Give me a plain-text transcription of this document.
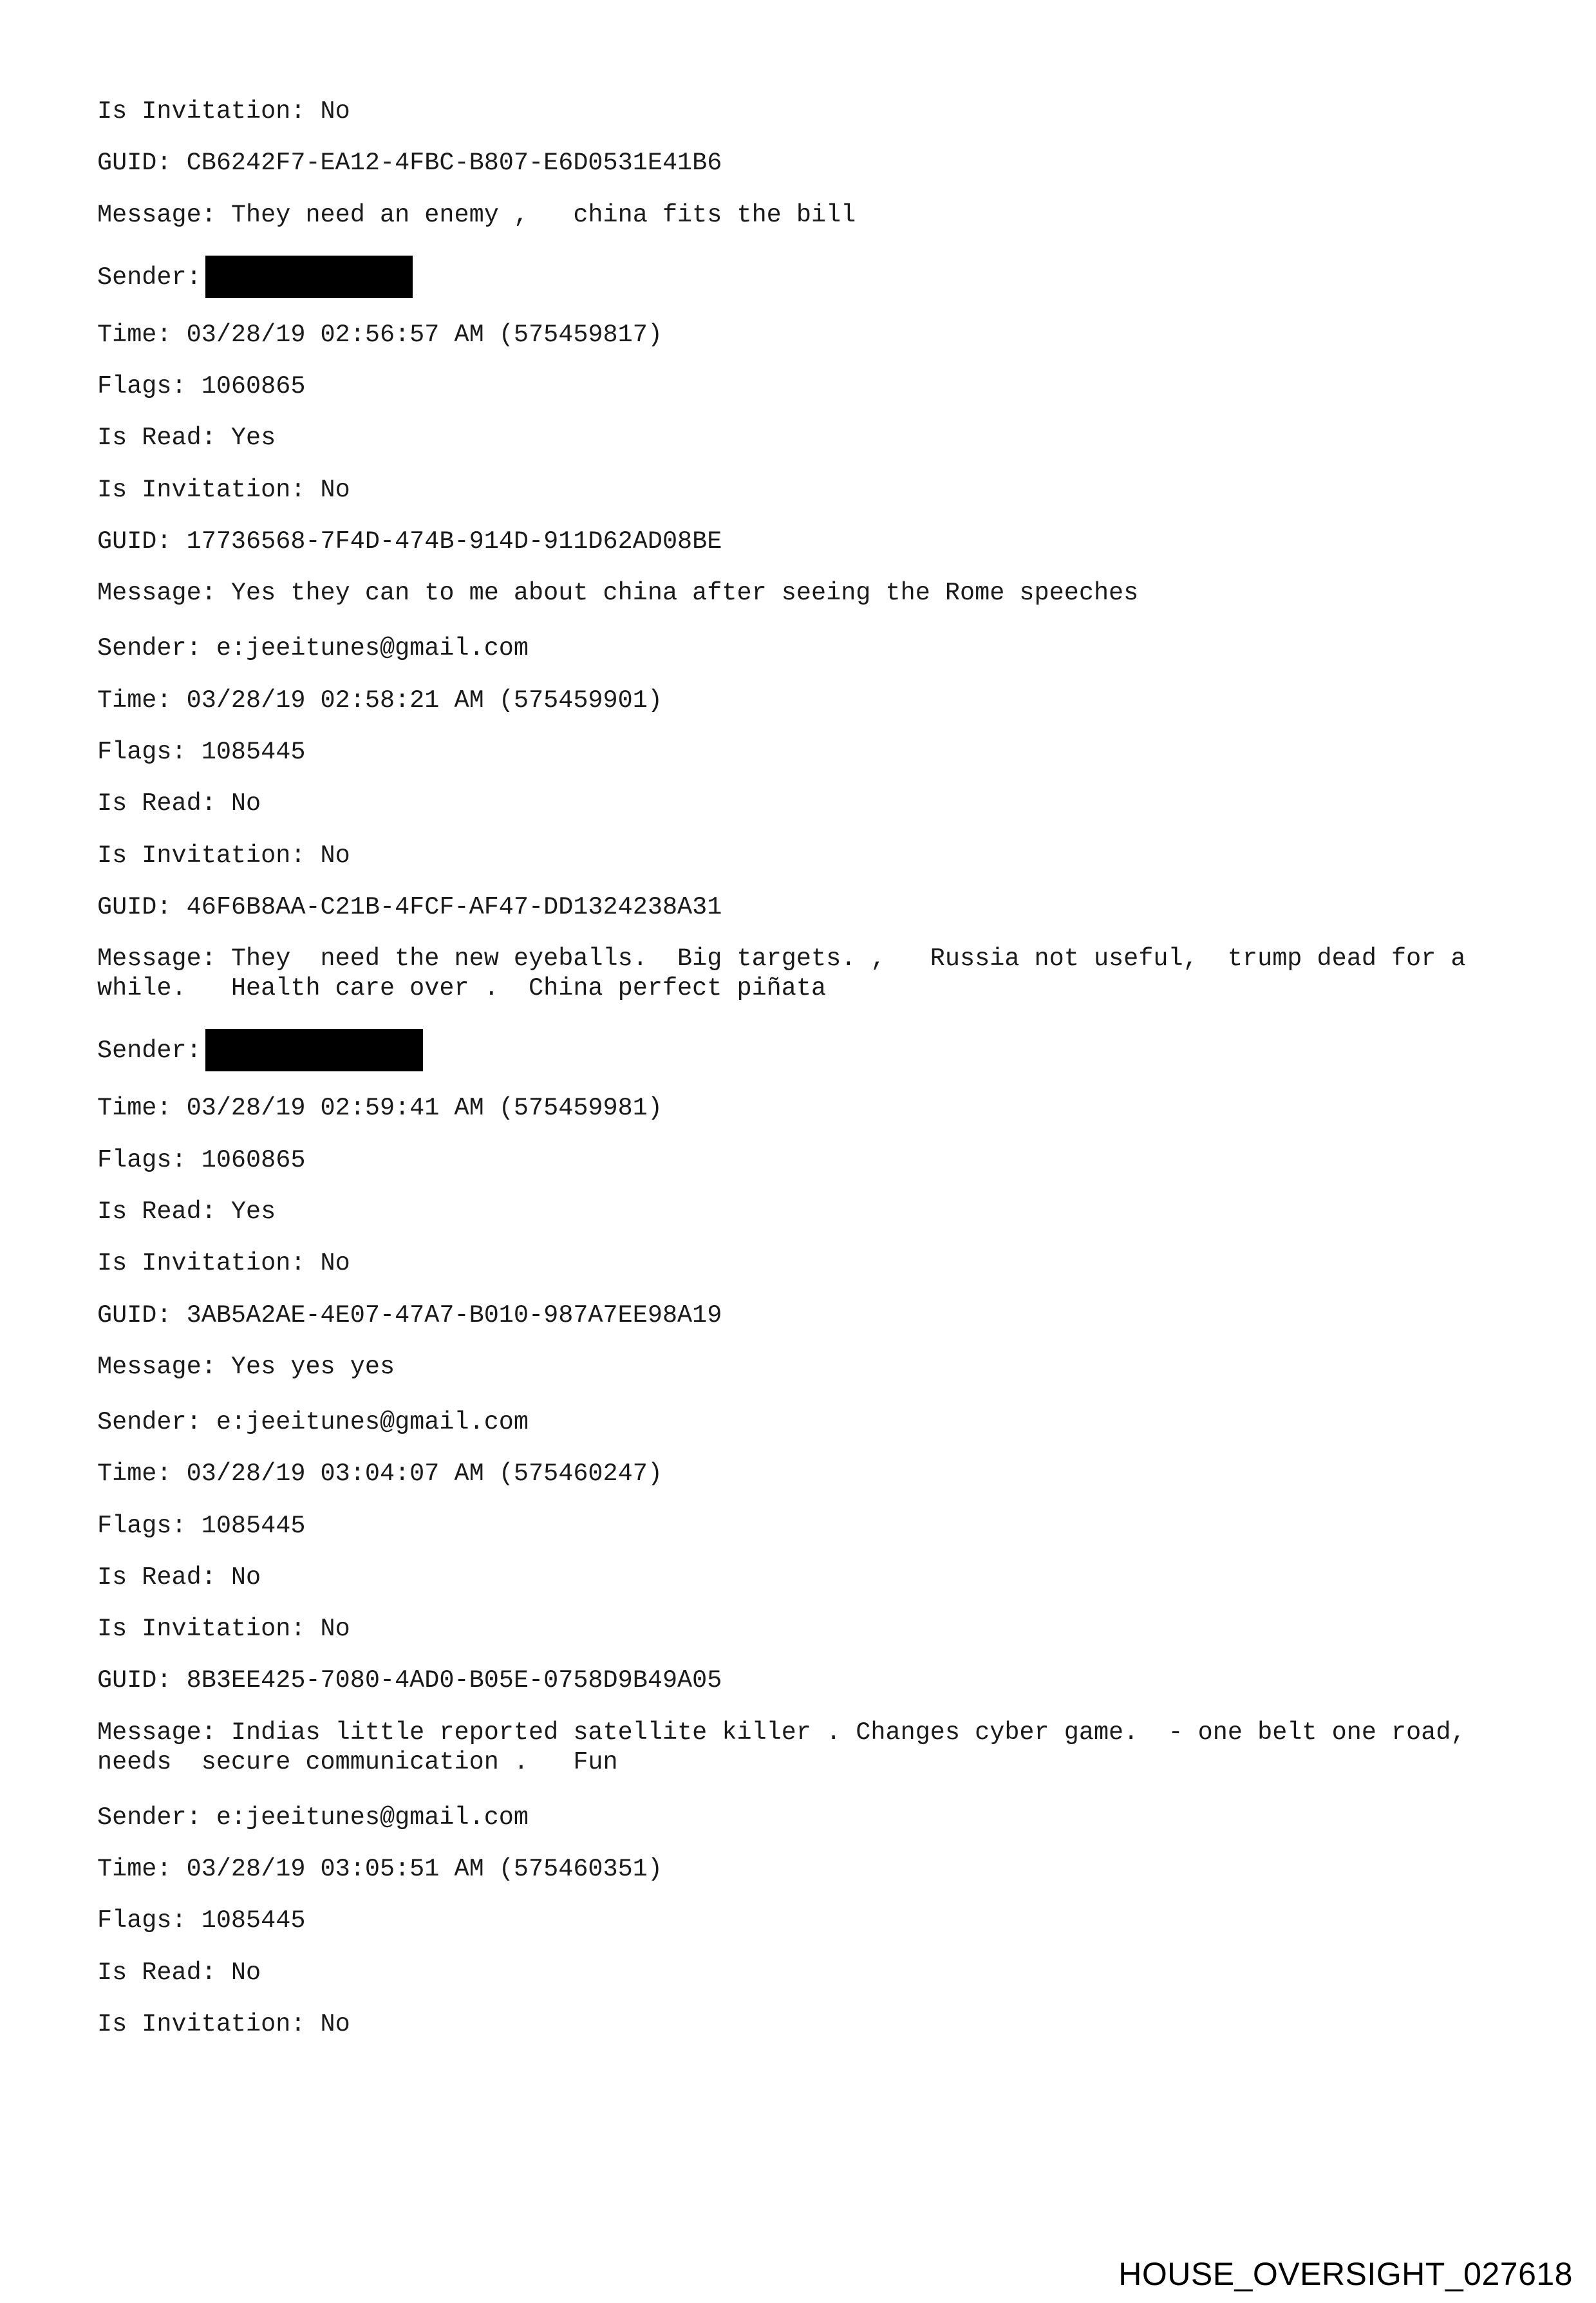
Is Invitation: No

GUID: CB6242F7-EA12-4FBC-B807-E6D0531E41B6

Message: They need an enemy ,   china fits the bill

Sender:

Time: 03/28/19 02:56:57 AM (575459817)

Flags: 1060865

Is Read: Yes

Is Invitation: No

GUID: 17736568-7F4D-474B-914D-911D62AD08BE

Message: Yes they can to me about china after seeing the Rome speeches

Sender: e:jeeitunes@gmail.com

Time: 03/28/19 02:58:21 AM (575459901)

Flags: 1085445

Is Read: No

Is Invitation: No

GUID: 46F6B8AA-C21B-4FCF-AF47-DD1324238A31

Message: They  need the new eyeballs.  Big targets. ,   Russia not useful,  trump dead for a while.   Health care over .  China perfect piñata

Sender:

Time: 03/28/19 02:59:41 AM (575459981)

Flags: 1060865

Is Read: Yes

Is Invitation: No

GUID: 3AB5A2AE-4E07-47A7-B010-987A7EE98A19

Message: Yes yes yes

Sender: e:jeeitunes@gmail.com

Time: 03/28/19 03:04:07 AM (575460247)

Flags: 1085445

Is Read: No

Is Invitation: No

GUID: 8B3EE425-7080-4AD0-B05E-0758D9B49A05

Message: Indias little reported satellite killer . Changes cyber game.  - one belt one road, needs  secure communication .   Fun

Sender: e:jeeitunes@gmail.com

Time: 03/28/19 03:05:51 AM (575460351)

Flags: 1085445

Is Read: No

Is Invitation: No

HOUSE_OVERSIGHT_027618
